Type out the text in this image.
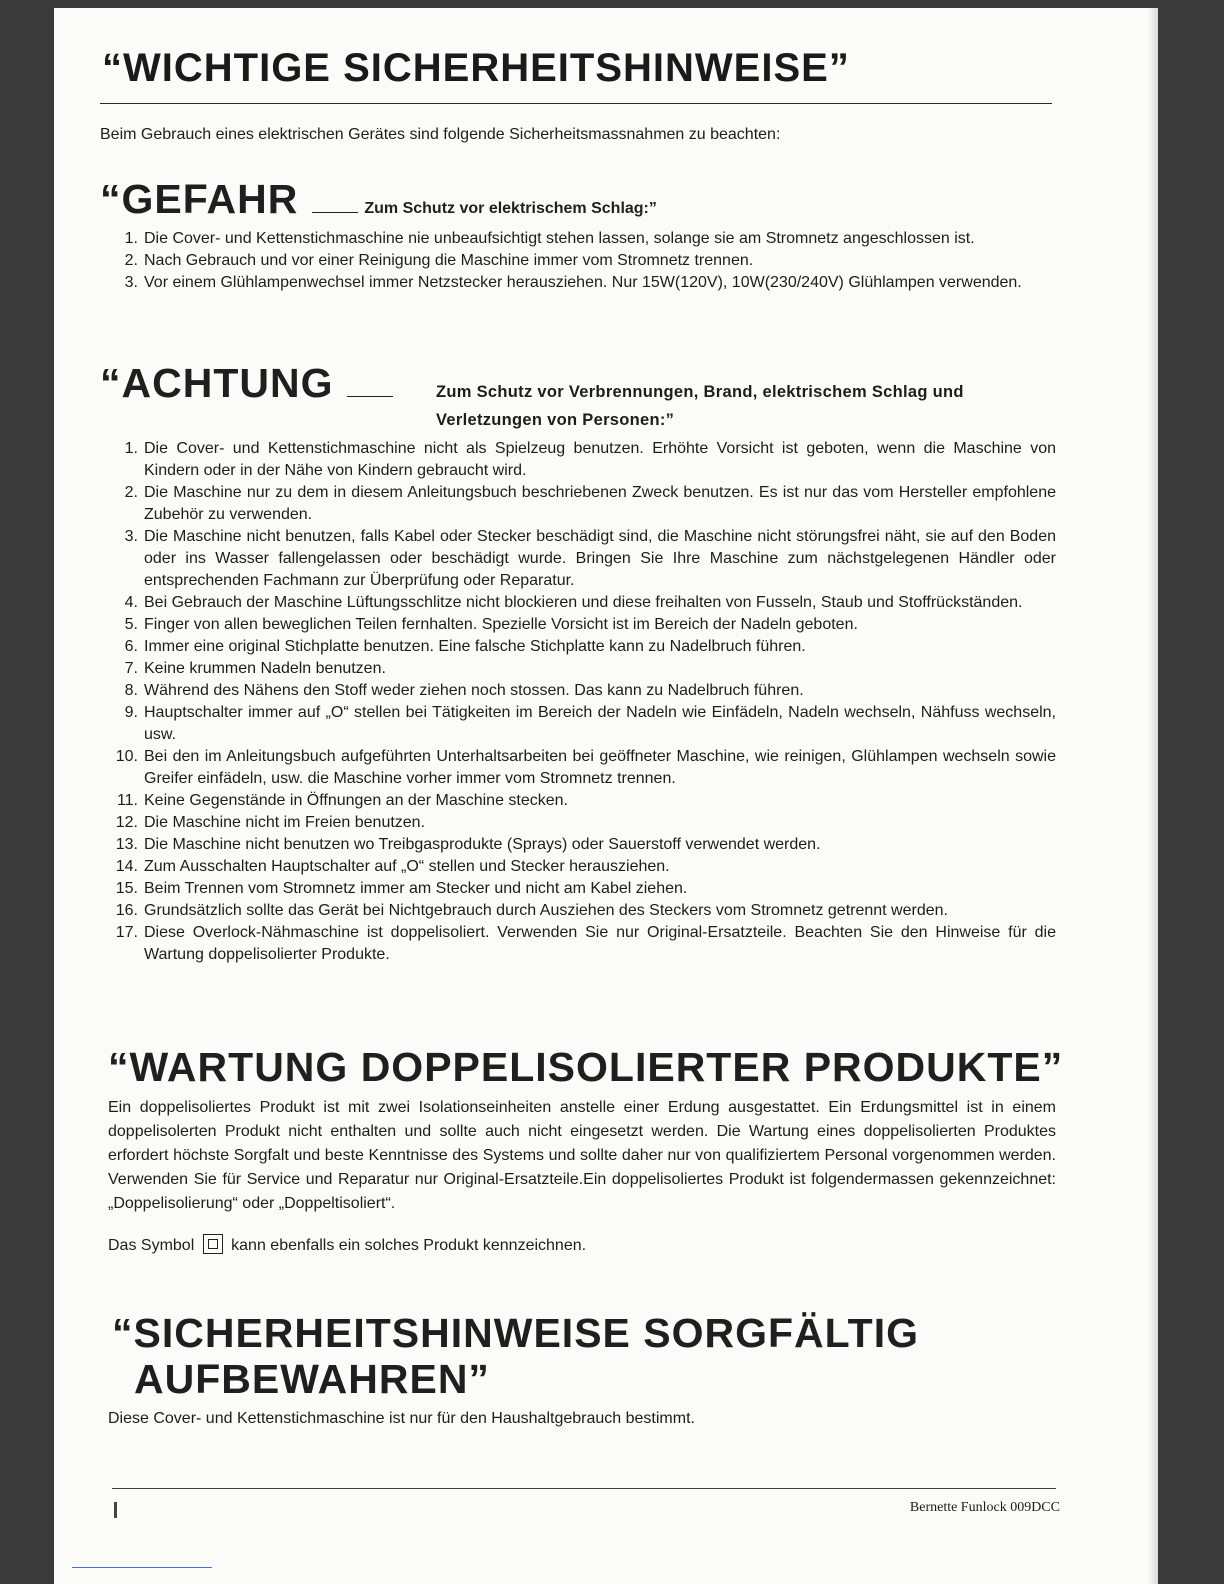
“WICHTIGE SICHERHEITSHINWEISE”

Beim Gebrauch eines elektrischen Gerätes sind folgende Sicherheitsmassnahmen zu beachten:

“GEFAHR	Zum Schutz vor elektrischem Schlag:”
1 . Die Cover- und Kettenstichmaschine nie unbeaufsichtigt stehen lassen, solange sie am Stromnetz angeschlossen ist.
2 . Nach Gebrauch und vor einer Reinigung die Maschine immer vom Stromnetz trennen.
3 . Vor einem Glühlampenwechsel immer Netzstecker herausziehen. Nur 15W(120V), 10W(230/240V) Glühlampen verwenden.
“ACHTUNG	Zum Schutz vor Verbrennungen, Brand, elektrischem Schlag und Verletzungen von Personen:”
1 . Die Cover- und Kettenstichmaschine nicht als Spielzeug benutzen. Erhöhte Vorsicht ist geboten, wenn die Maschine von Kindern oder in der Nähe von Kindern gebraucht wird.
2 . Die Maschine nur zu dem in diesem Anleitungsbuch beschriebenen Zweck benutzen. Es ist nur das vom Hersteller empfohlene Zubehör zu verwenden.
3 . Die Maschine nicht benutzen, falls Kabel oder Stecker beschädigt sind, die Maschine nicht störungsfrei näht, sie auf den Boden oder ins Wasser fallengelassen oder beschädigt wurde. Bringen Sie Ihre Maschine zum nächstgelegenen Händler oder entsprechenden Fachmann zur Überprüfung oder Reparatur.
4 . Bei Gebrauch der Maschine Lüftungsschlitze nicht blockieren und diese freihalten von Fusseln, Staub und Stoffrückständen.
5 . Finger von allen beweglichen Teilen fernhalten. Spezielle Vorsicht ist im Bereich der Nadeln geboten.
6 . Immer eine original Stichplatte benutzen. Eine falsche Stichplatte kann zu Nadelbruch führen.
7 . Keine krummen Nadeln benutzen.
8 . Während des Nähens den Stoff weder ziehen noch stossen. Das kann zu Nadelbruch führen.
9 . Hauptschalter immer auf „O“ stellen bei Tätigkeiten im Bereich der Nadeln wie Einfädeln, Nadeln wechseln, Nähfuss wechseln, usw.
10 . Bei den im Anleitungsbuch aufgeführten Unterhaltsarbeiten bei geöffneter Maschine, wie reinigen, Glühlampen wechseln sowie Greifer einfädeln, usw. die Maschine vorher immer vom Stromnetz trennen.
11 . Keine Gegenstände in Öffnungen an der Maschine stecken.
12 . Die Maschine nicht im Freien benutzen.
13 . Die Maschine nicht benutzen wo Treibgasprodukte (Sprays) oder Sauerstoff verwendet werden.
14 . Zum Ausschalten Hauptschalter auf „O“ stellen und Stecker herausziehen.
15 . Beim Trennen vom Stromnetz immer am Stecker und nicht am Kabel ziehen.
16 . Grundsätzlich sollte das Gerät bei Nichtgebrauch durch Ausziehen des Steckers vom Stromnetz getrennt werden.
17 . Diese Overlock-Nähmaschine ist doppelisoliert. Verwenden Sie nur Original-Ersatzteile. Beachten Sie den Hinweise für die Wartung doppelisolierter Produkte.
“WARTUNG DOPPELISOLIERTER PRODUKTE”

Ein doppelisoliertes Produkt ist mit zwei Isolationseinheiten anstelle einer Erdung ausgestattet. Ein Erdungsmittel ist in einem doppelisolerten Produkt nicht enthalten und sollte auch nicht eingesetzt werden. Die Wartung eines doppelisolierten Produktes erfordert höchste Sorgfalt und beste Kenntnisse des Systems und sollte daher nur von qualifiziertem Personal vorgenommen werden. Verwenden Sie für Service und Reparatur nur Original-Ersatzteile.Ein doppelisoliertes Produkt ist folgendermassen gekennzeichnet: „Doppelisolierung“ oder „Doppeltisoliert“.

Das Symbol kann ebenfalls ein solches Produkt kennzeichnen.
“SICHERHEITSHINWEISE SORGFÄLTIG
AUFBEWAHREN”
Diese Cover- und Kettenstichmaschine ist nur für den Haushaltgebrauch bestimmt.
Bernette Funlock 009DCC
